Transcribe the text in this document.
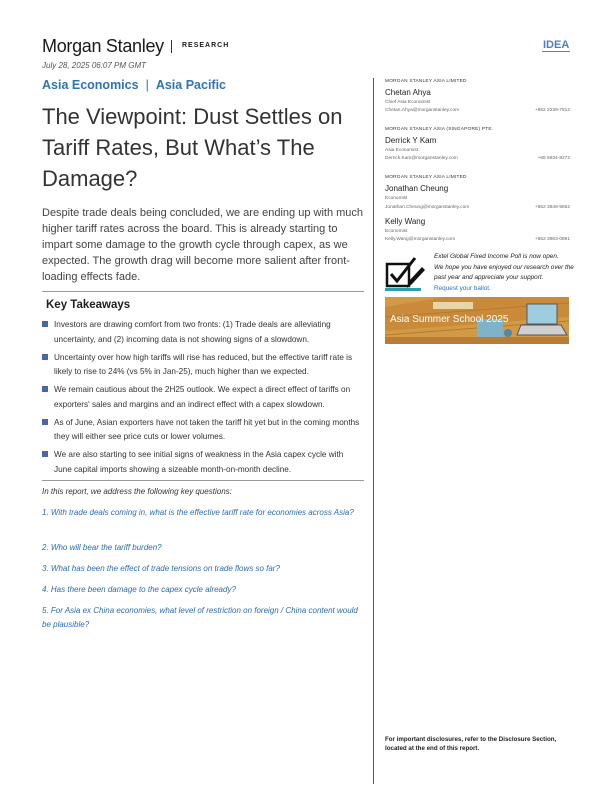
Morgan Stanley	RESEARCH	IDEA
July 28, 2025 06:07 PM GMT
Asia Economics | Asia Pacific
The Viewpoint: Dust Settles on Tariff Rates, But What’s The Damage?

Despite trade deals being concluded, we are ending up with much higher tariff rates across the board. This is already starting to impart some damage to the growth cycle through capex, as we expected. The growth drag will become more salient after front-loading effects fade.

Key Takeaways
Investors are drawing comfort from two fronts: (1) Trade deals are alleviating uncertainty, and (2) incoming data is not showing signs of a slowdown.
Uncertainty over how high tariffs will rise has reduced, but the effective tariff rate is likely to rise to 24% (vs 5% in Jan-25), much higher than we expected.
We remain cautious about the 2H25 outlook. We expect a direct effect of tariffs on exporters' sales and margins and an indirect effect with a capex slowdown.
As of June, Asian exporters have not taken the tariff hit yet but in the coming months they will either see price cuts or lower volumes.
We are also starting to see initial signs of weakness in the Asia capex cycle with June capital imports showing a sizeable month-on-month decline.
In this report, we address the following key questions:
1. With trade deals coming in, what is the effective tariff rate for economies across Asia?
2. Who will bear the tariff burden?
3. What has been the effect of trade tensions on trade flows so far?
4. Has there been damage to the capex cycle already?
5. For Asia ex China economies, what level of restriction on foreign / China content would be plausible?
MORGAN STANLEY ASIA LIMITED
Chetan Ahya
Chief Asia Economist
Chetan.Ahya@morganstanley.com	+852 2239-7812
MORGAN STANLEY ASIA (SINGAPORE) PTE.
Derrick Y Kam
Asia Economist
Derrick.Kam@morganstanley.com	+65 6834-8272
MORGAN STANLEY ASIA LIMITED
Jonathan Cheung
Economist
Jonathan.Cheung@morganstanley.com	+852 3848-5652
Kelly Wang
Economist
Kelly.Wang@morganstanley.com	+852 3963-0891
Extel Global Fixed Income Poll is now open.
We hope you have enjoyed our research over the past year and appreciate your support.
Request your ballot.
Asia Summer School 2025
For important disclosures, refer to the Disclosure Section, located at the end of this report.
